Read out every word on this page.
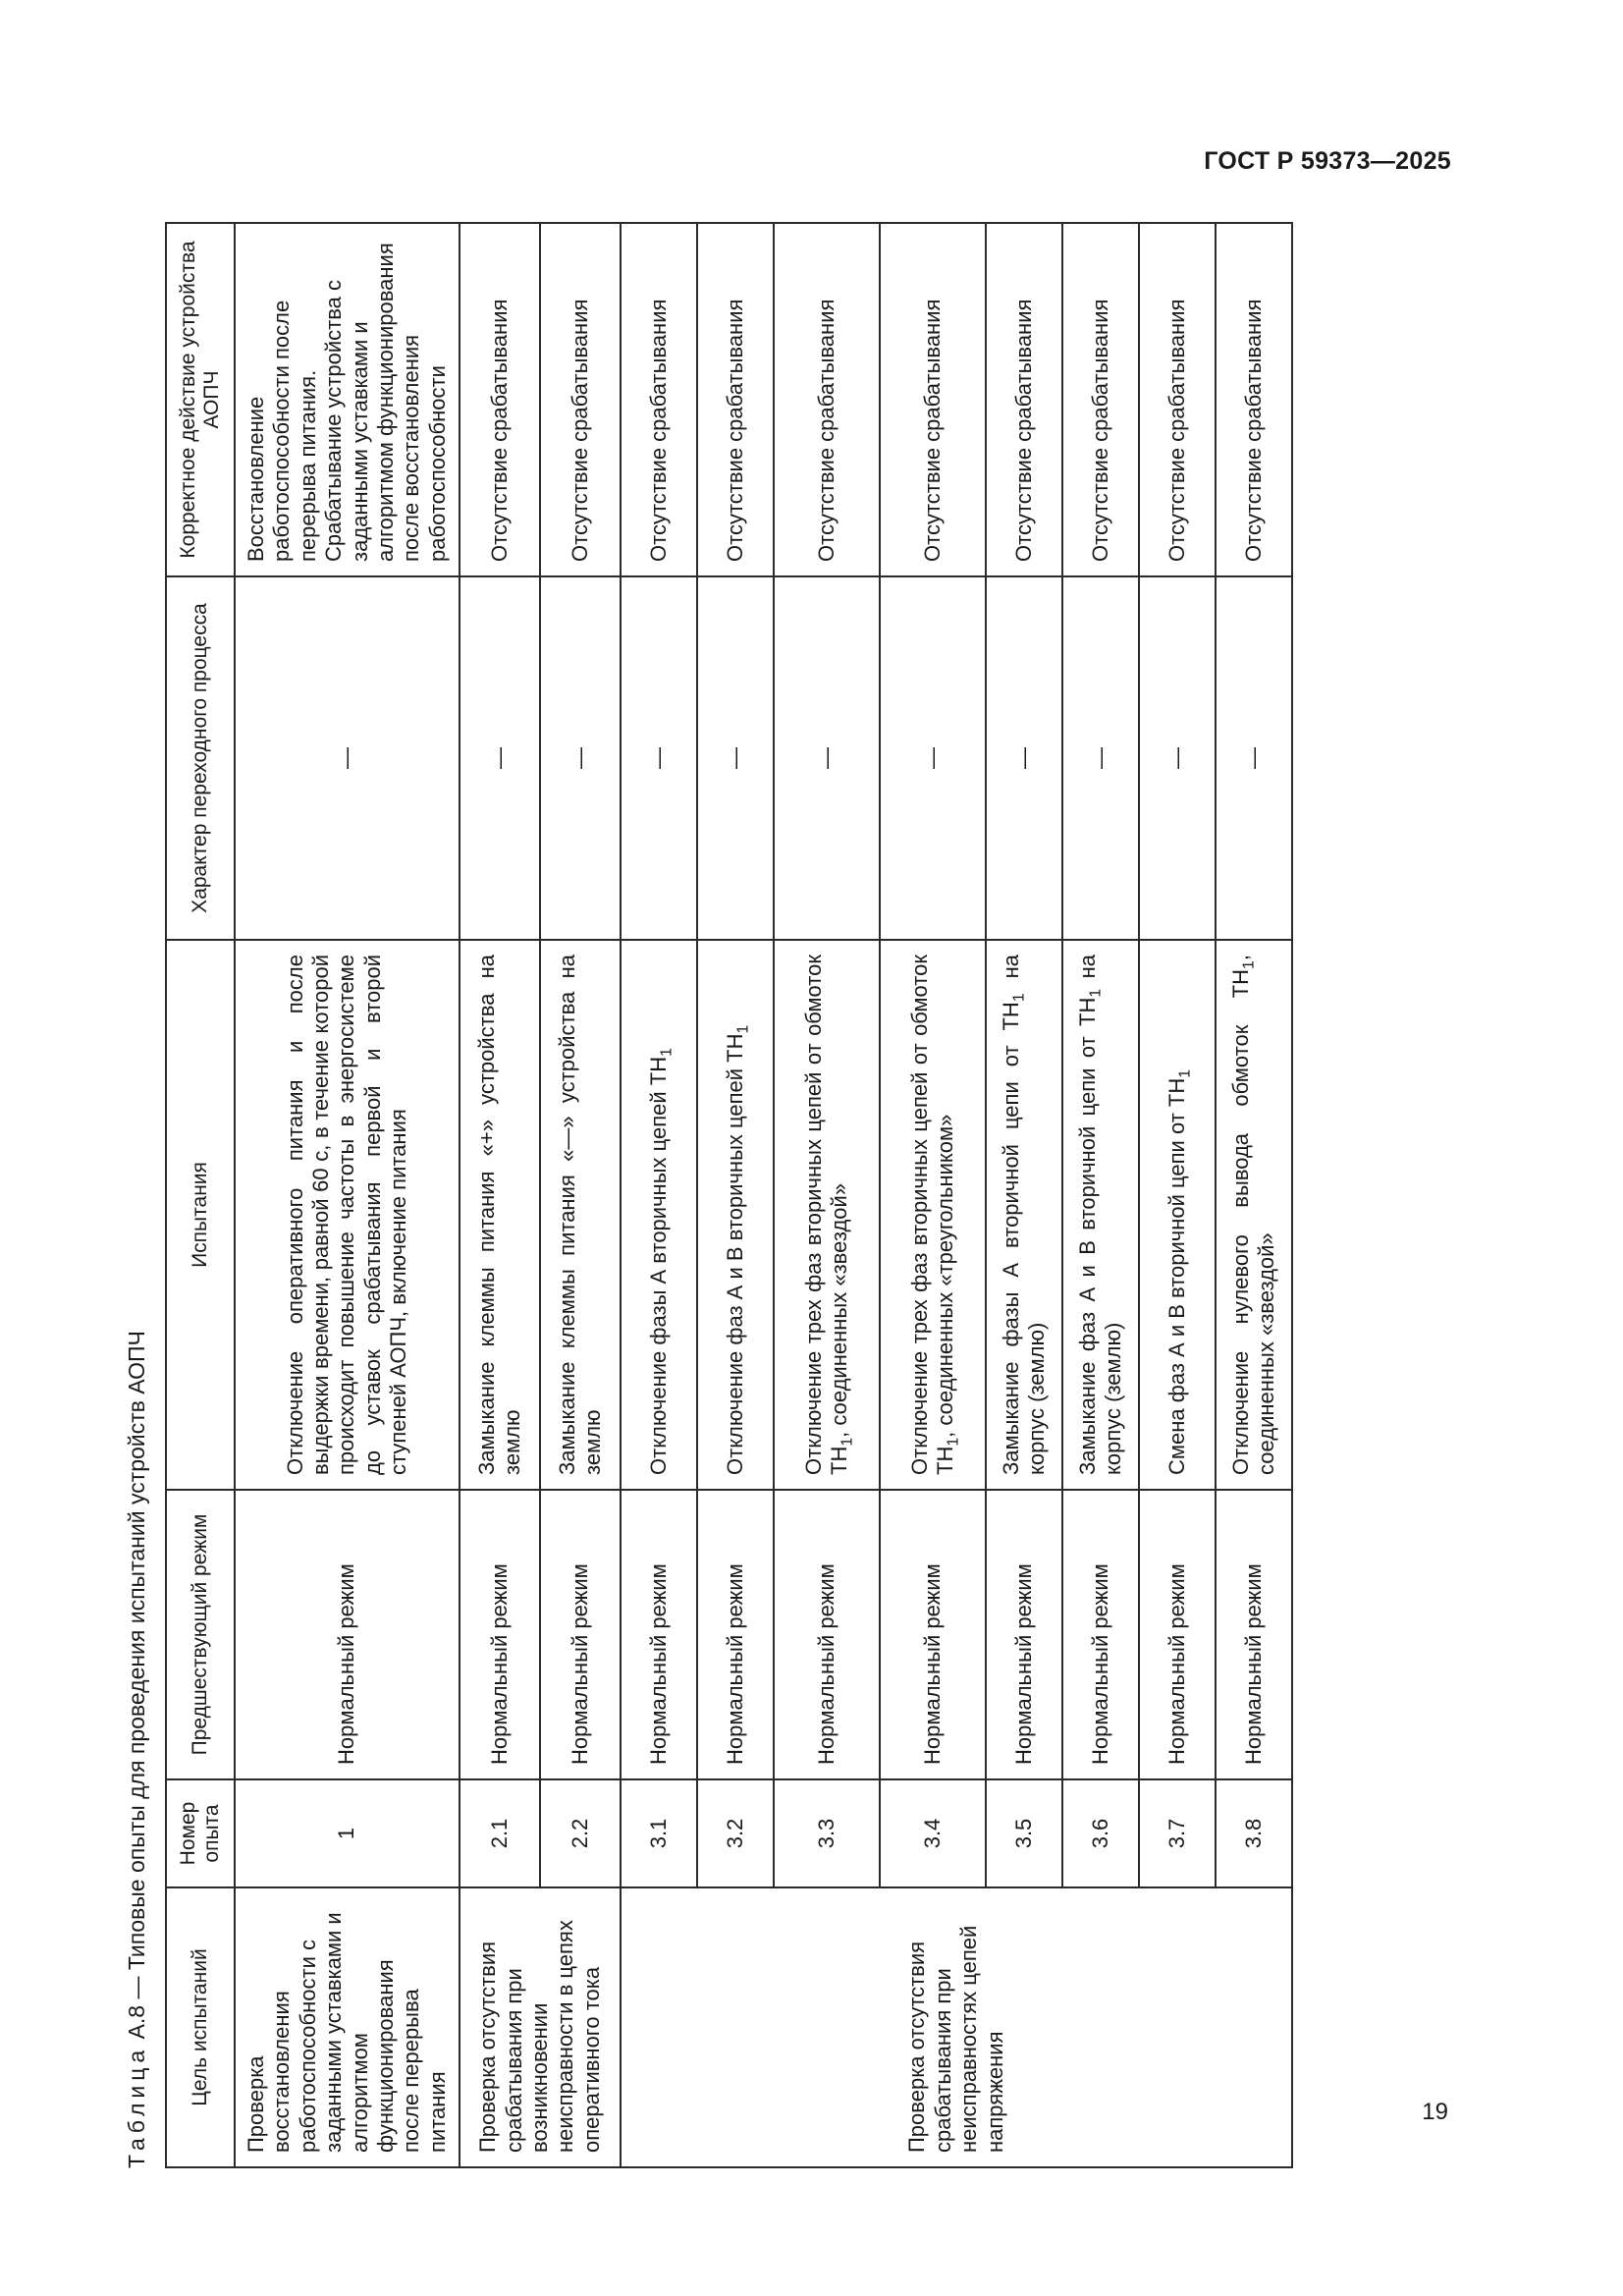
ГОСТ Р 59373—2025
19
Таблица А.8 — Типовые опыты для проведения испытаний устройств АОПЧ	Цель испытаний	Номер опыта	Предшествующий режим	Испытания	Характер переходного процесса	Корректное действие устройства АОПЧ
Проверка восстановления работоспособности с заданными уставками и алгоритмом функционирования после перерыва питания	1	Нормальный режим	Отключение оперативного питания и после выдержки времени, равной 60 с, в течение которой происходит повышение частоты в энергосистеме до уставок срабатывания первой и второй ступеней АОПЧ, включение питания	—	Восстановление работоспособности после перерыва питания. Срабатывание устройства с заданными уставками и алгоритмом функционирования после восстановления работоспособности
Проверка отсутствия срабатывания при возникновении неисправности в цепях оперативного тока	2.1	Нормальный режим	Замыкание клеммы питания «+» устройства на землю	—	Отсутствие срабатывания
	2.2	Нормальный режим	Замыкание клеммы питания «—» устройства на землю	—	Отсутствие срабатывания
Проверка отсутствия срабатывания при неисправностях цепей напряжения	3.1	Нормальный режим	Отключение фазы А вторичных цепей $ТН_1$	—	Отсутствие срабатывания
	3.2	Нормальный режим	Отключение фаз А и В вторичных цепей $ТН_1$	—	Отсутствие срабатывания
	3.3	Нормальный режим	Отключение трех фаз вторичных цепей от обмоток $ТН_1$, соединенных «звездой»	—	Отсутствие срабатывания
	3.4	Нормальный режим	Отключение трех фаз вторичных цепей от обмоток $ТН_1$, соединенных «треугольником»	—	Отсутствие срабатывания
	3.5	Нормальный режим	Замыкание фазы А вторичной цепи от $ТН_1$ на корпус (землю)	—	Отсутствие срабатывания
	3.6	Нормальный режим	Замыкание фаз А и В вторичной цепи от $ТН_1$ на корпус (землю)	—	Отсутствие срабатывания
	3.7	Нормальный режим	Смена фаз А и В вторичной цепи от $ТН_1$	—	Отсутствие срабатывания
	3.8	Нормальный режим	Отключение нулевого вывода обмоток $ТН_1$, соединенных «звездой»	—	Отсутствие срабатывания
